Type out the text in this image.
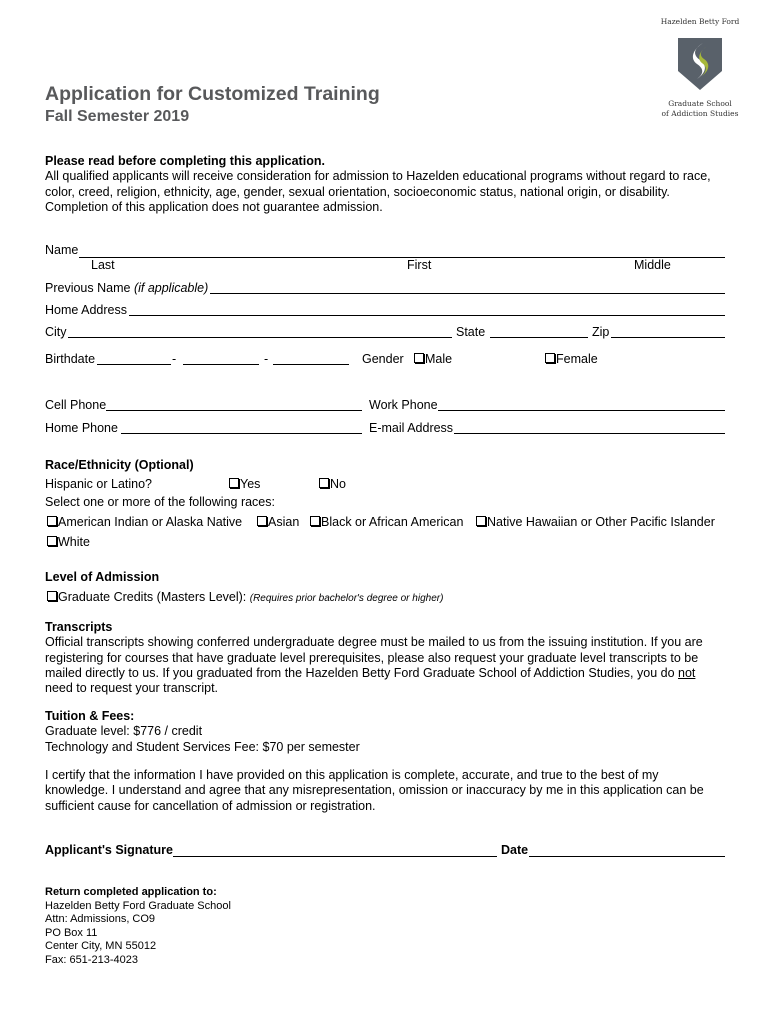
Hazelden Betty Ford
Graduate School
of Addiction Studies
Application for Customized Training
Fall Semester 2019
Please read before completing this application.
All qualified applicants will receive consideration for admission to Hazelden educational programs without regard to race,
color, creed, religion, ethnicity, age, gender, sexual orientation, socioeconomic status, national origin, or disability.
Completion of this application does not guarantee admission.
Name
Last	First	Middle
Previous Name (if applicable)
Home Address
City	State	Zip
Birthdate	-	-	Gender	Male	Female
Cell Phone	Work Phone
Home Phone	E-mail Address
Race/Ethnicity (Optional)
Hispanic or Latino?	Yes	No
Select one or more of the following races:
American Indian or Alaska Native	Asian	Black or African American	Native Hawaiian or Other Pacific Islander
White
Level of Admission
Graduate Credits (Masters Level): (Requires prior bachelor's degree or higher)
Transcripts
Official transcripts showing conferred undergraduate degree must be mailed to us from the issuing institution. If you are
registering for courses that have graduate level prerequisites, please also request your graduate level transcripts to be
mailed directly to us. If you graduated from the Hazelden Betty Ford Graduate School of Addiction Studies, you do not
need to request your transcript.
Tuition & Fees:
Graduate level: $776 / credit
Technology and Student Services Fee: $70 per semester
I certify that the information I have provided on this application is complete, accurate, and true to the best of my
knowledge. I understand and agree that any misrepresentation, omission or inaccuracy by me in this application can be
sufficient cause for cancellation of admission or registration.
Applicant's Signature	Date
Return completed application to:
Hazelden Betty Ford Graduate School
Attn: Admissions, CO9
PO Box 11
Center City, MN 55012
Fax: 651-213-4023
